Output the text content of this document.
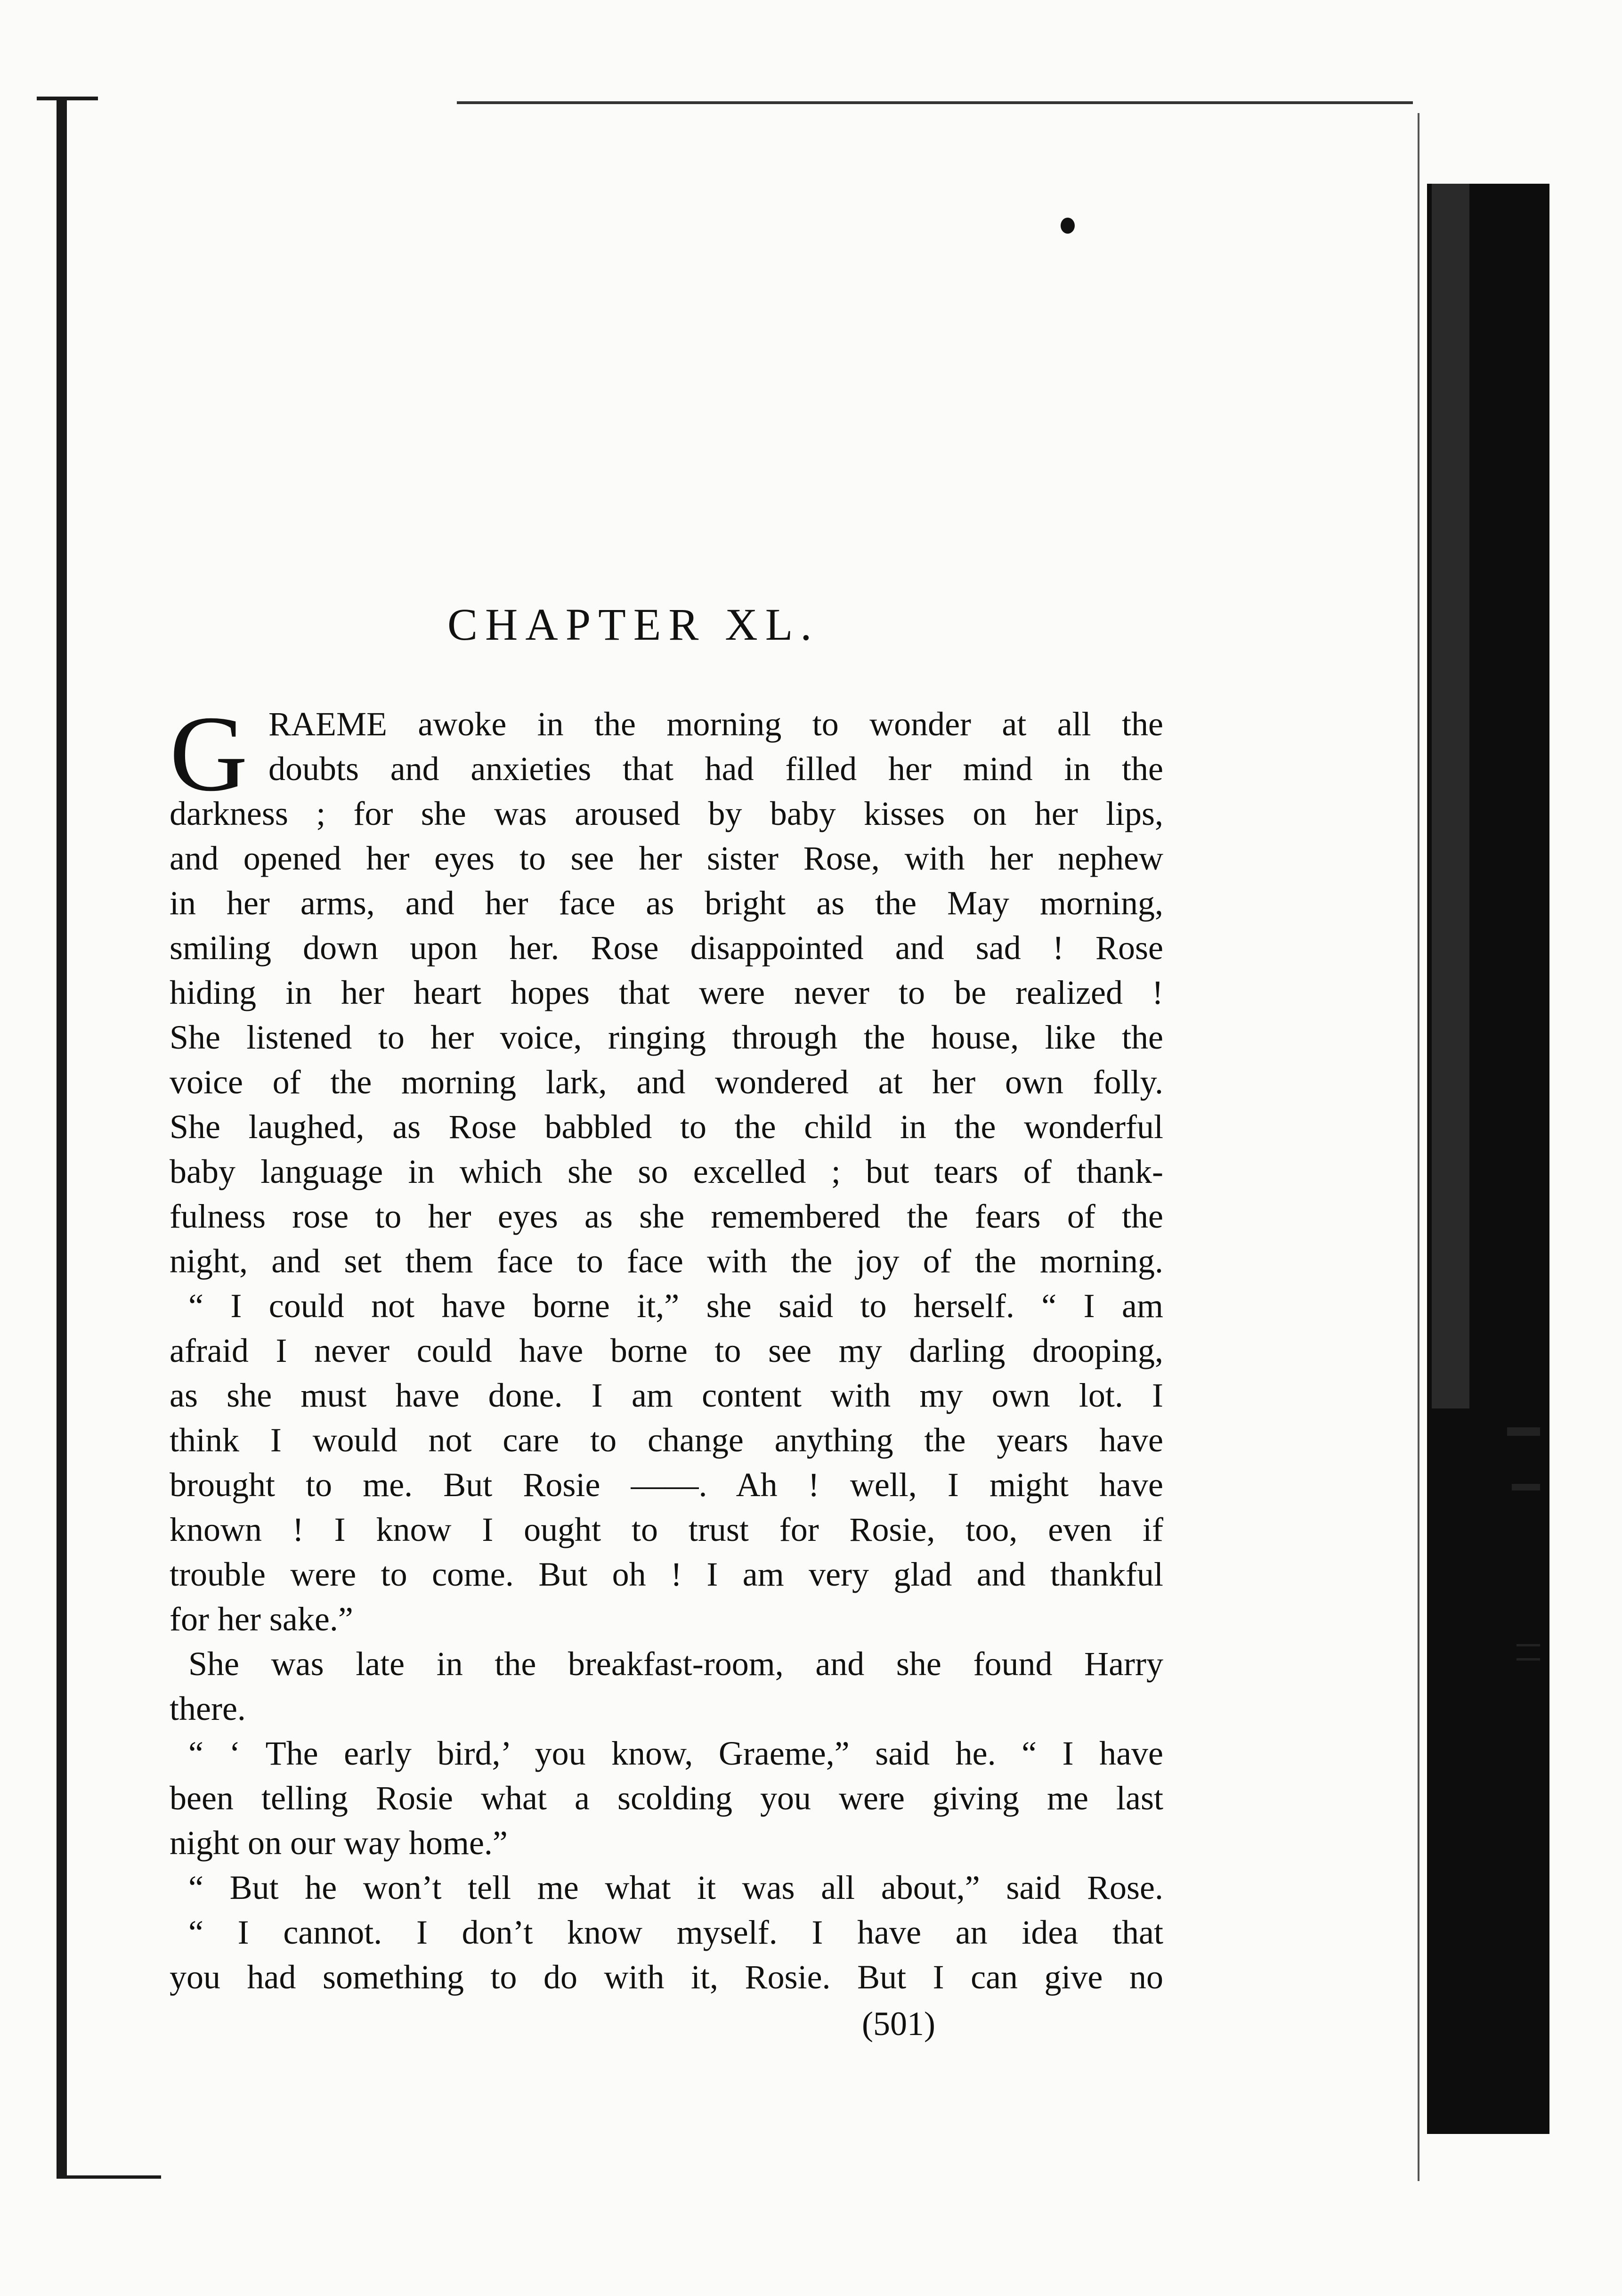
CHAPTER XL.
G RAEME awoke in the morning to wonder at all the
doubts and anxieties that had filled her mind in the
darkness ; for she was aroused by baby kisses on her lips,
and opened her eyes to see her sister Rose, with her nephew
in her arms, and her face as bright as the May morning,
smiling down upon her. Rose disappointed and sad ! Rose
hiding in her heart hopes that were never to be realized !
She listened to her voice, ringing through the house, like the
voice of the morning lark, and wondered at her own folly.
She laughed, as Rose babbled to the child in the wonderful
baby language in which she so excelled ; but tears of thank-
fulness rose to her eyes as she remembered the fears of the
night, and set them face to face with the joy of the morning.
“ I could not have borne it,” she said to herself. “ I am
afraid I never could have borne to see my darling drooping,
as she must have done. I am content with my own lot. I
think I would not care to change anything the years have
brought to me. But Rosie ——. Ah ! well, I might have
known ! I know I ought to trust for Rosie, too, even if
trouble were to come. But oh ! I am very glad and thankful
for her sake.”
She was late in the breakfast-room, and she found Harry
there.
“ ‘ The early bird,’ you know, Graeme,” said he. “ I have
been telling Rosie what a scolding you were giving me last
night on our way home.”
“ But he won’t tell me what it was all about,” said Rose.
“ I cannot. I don’t know myself. I have an idea that
you had something to do with it, Rosie. But I can give no
(501)
